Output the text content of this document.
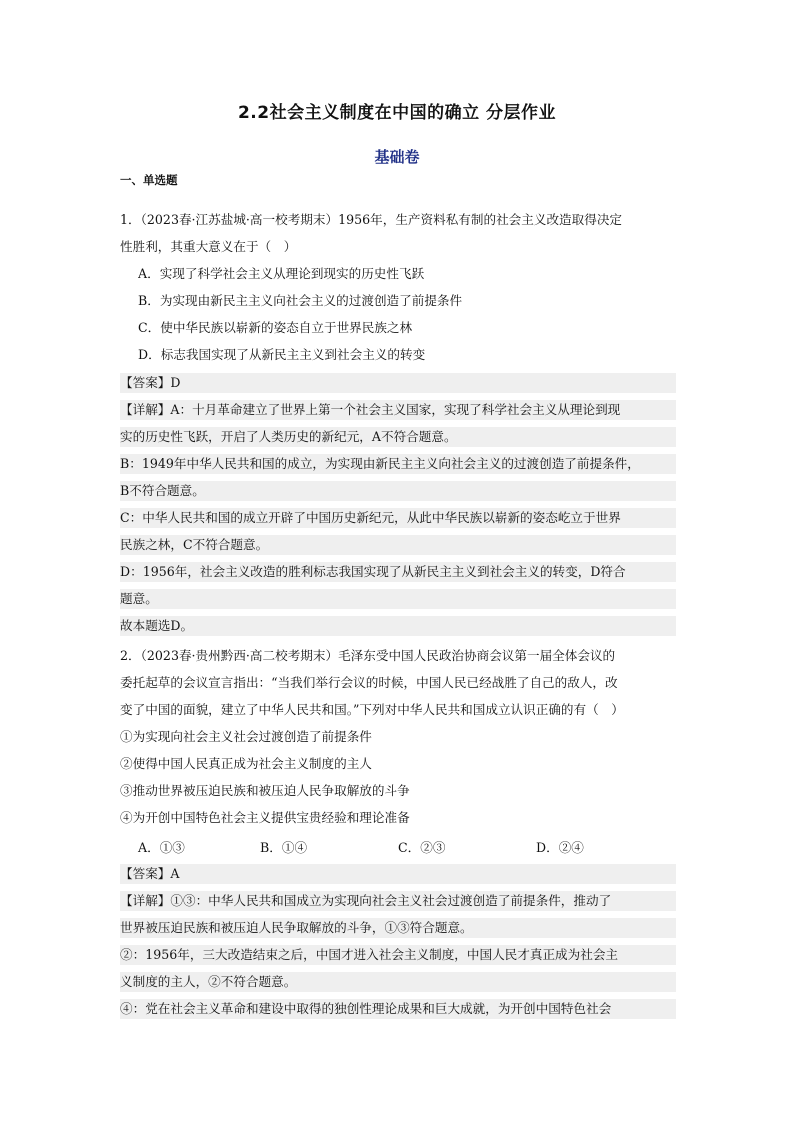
2.2社会主义制度在中国的确立 分层作业
基础卷
一、单选题
1．（2023春·江苏盐城·高一校考期末）1956年，生产资料私有制的社会主义改造取得决定
性胜利，其重大意义在于（　）
A．实现了科学社会主义从理论到现实的历史性飞跃
B．为实现由新民主主义向社会主义的过渡创造了前提条件
C．使中华民族以崭新的姿态自立于世界民族之林
D．标志我国实现了从新民主主义到社会主义的转变
【答案】D
【详解】A：十月革命建立了世界上第一个社会主义国家，实现了科学社会主义从理论到现
实的历史性飞跃，开启了人类历史的新纪元，A不符合题意。
B：1949年中华人民共和国的成立，为实现由新民主主义向社会主义的过渡创造了前提条件，
B不符合题意。
C：中华人民共和国的成立开辟了中国历史新纪元，从此中华民族以崭新的姿态屹立于世界
民族之林，C不符合题意。
D：1956年，社会主义改造的胜利标志我国实现了从新民主主义到社会主义的转变，D符合
题意。
故本题选D。
2．（2023春·贵州黔西·高二校考期末）毛泽东受中国人民政治协商会议第一届全体会议的
委托起草的会议宣言指出：“当我们举行会议的时候，中国人民已经战胜了自己的敌人，改
变了中国的面貌，建立了中华人民共和国。”下列对中华人民共和国成立认识正确的有（　）
①为实现向社会主义社会过渡创造了前提条件
②使得中国人民真正成为社会主义制度的主人
③推动世界被压迫民族和被压迫人民争取解放的斗争
④为开创中国特色社会主义提供宝贵经验和理论准备
A．①③	B．①④	C．②③	D．②④
【答案】A
【详解】①③：中华人民共和国成立为实现向社会主义社会过渡创造了前提条件，推动了
世界被压迫民族和被压迫人民争取解放的斗争，①③符合题意。
②：1956年，三大改造结束之后，中国才进入社会主义制度，中国人民才真正成为社会主
义制度的主人，②不符合题意。
④：党在社会主义革命和建设中取得的独创性理论成果和巨大成就，为开创中国特色社会
